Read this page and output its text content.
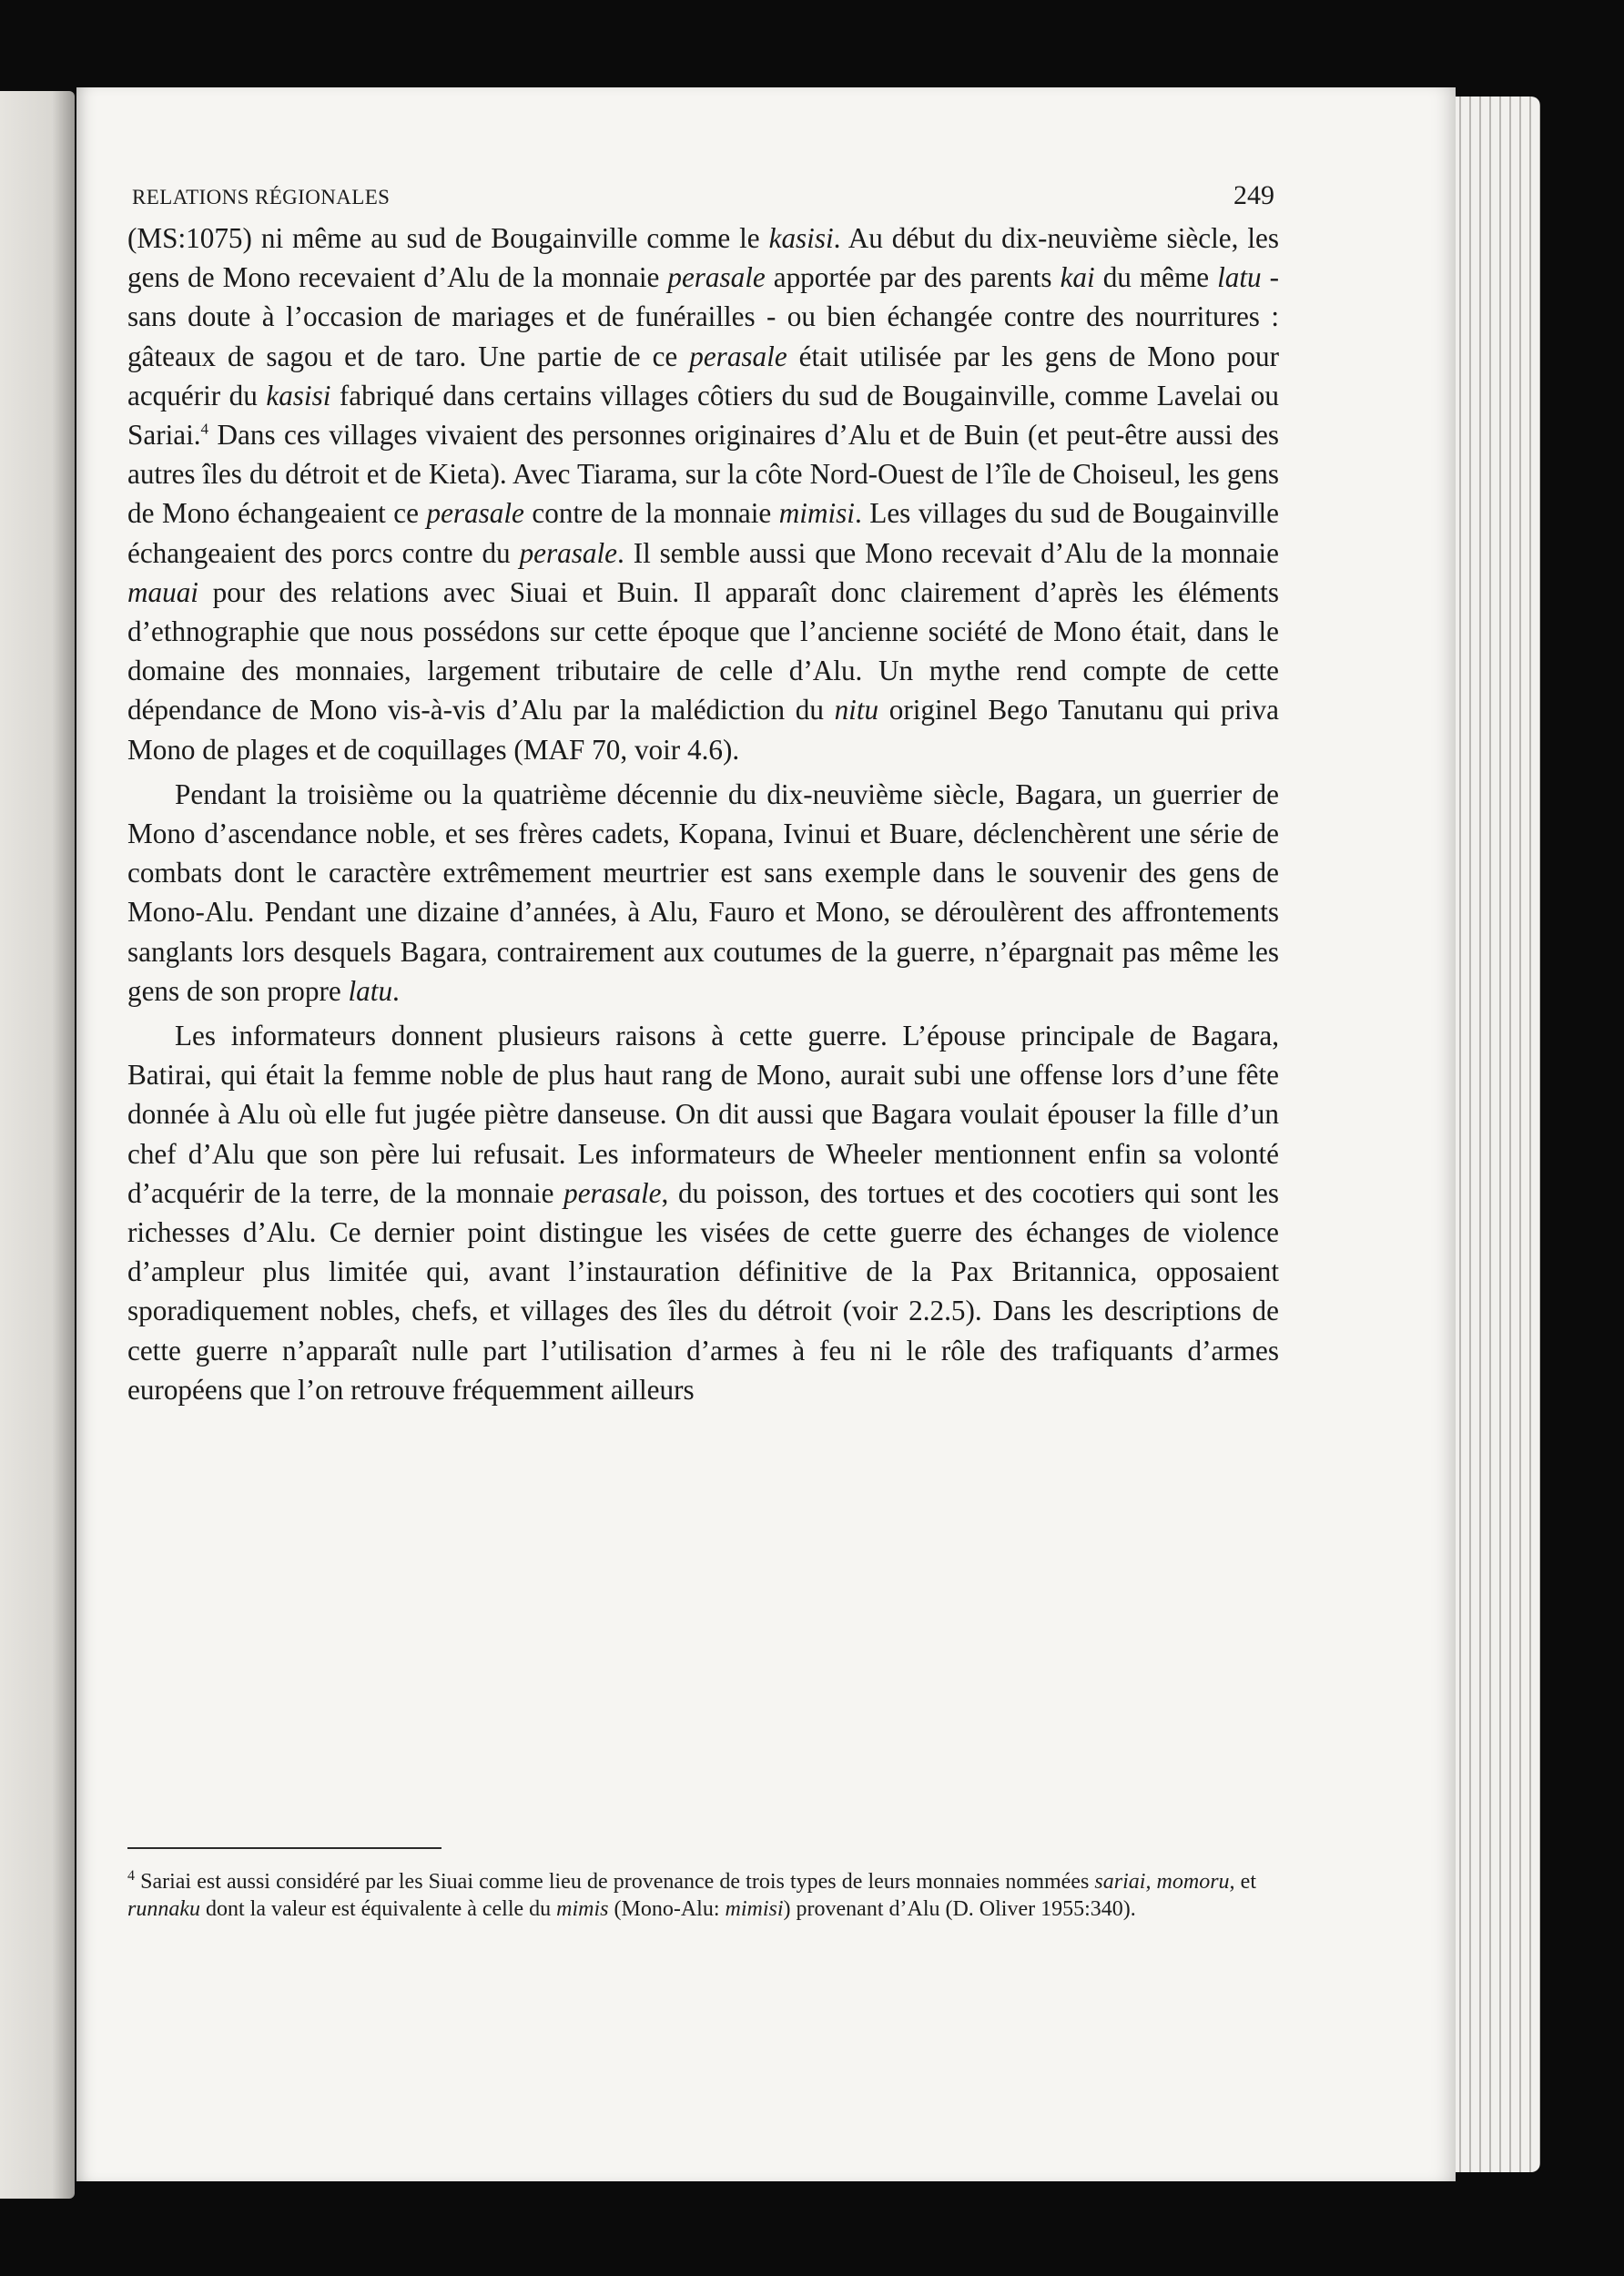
RELATIONS RÉGIONALES	249

(MS:1075) ni même au sud de Bougainville comme le kasisi. Au début du dix-neuvième siècle, les gens de Mono recevaient d’Alu de la monnaie perasale apportée par des parents kai du même latu - sans doute à l’occasion de mariages et de funérailles - ou bien échangée contre des nourritures : gâteaux de sagou et de taro. Une partie de ce perasale était utilisée par les gens de Mono pour acquérir du kasisi fabriqué dans certains villages côtiers du sud de Bougainville, comme Lavelai ou Sariai.$^4$ Dans ces villages vivaient des personnes originaires d’Alu et de Buin (et peut-être aussi des autres îles du détroit et de Kieta). Avec Tiarama, sur la côte Nord-Ouest de l’île de Choiseul, les gens de Mono échangeaient ce perasale contre de la monnaie mimisi. Les villages du sud de Bougainville échangeaient des porcs contre du perasale. Il semble aussi que Mono recevait d’Alu de la monnaie mauai pour des relations avec Siuai et Buin. Il apparaît donc clairement d’après les éléments d’ethnographie que nous possédons sur cette époque que l’ancienne société de Mono était, dans le domaine des monnaies, largement tributaire de celle d’Alu. Un mythe rend compte de cette dépendance de Mono vis-à-vis d’Alu par la malédiction du nitu originel Bego Tanutanu qui priva Mono de plages et de coquillages (MAF 70, voir 4.6).

Pendant la troisième ou la quatrième décennie du dix-neuvième siècle, Bagara, un guerrier de Mono d’ascendance noble, et ses frères cadets, Kopana, Ivinui et Buare, déclenchèrent une série de combats dont le caractère extrêmement meurtrier est sans exemple dans le souvenir des gens de Mono-Alu. Pendant une dizaine d’années, à Alu, Fauro et Mono, se déroulèrent des affrontements sanglants lors desquels Bagara, contrairement aux coutumes de la guerre, n’épargnait pas même les gens de son propre latu.

Les informateurs donnent plusieurs raisons à cette guerre. L’épouse principale de Bagara, Batirai, qui était la femme noble de plus haut rang de Mono, aurait subi une offense lors d’une fête donnée à Alu où elle fut jugée piètre danseuse. On dit aussi que Bagara voulait épouser la fille d’un chef d’Alu que son père lui refusait. Les informateurs de Wheeler mentionnent enfin sa volonté d’acquérir de la terre, de la monnaie perasale, du poisson, des tortues et des cocotiers qui sont les richesses d’Alu. Ce dernier point distingue les visées de cette guerre des échanges de violence d’ampleur plus limitée qui, avant l’instauration définitive de la Pax Britannica, opposaient sporadiquement nobles, chefs, et villages des îles du détroit (voir 2.2.5). Dans les descriptions de cette guerre n’apparaît nulle part l’utilisation d’armes à feu ni le rôle des trafiquants d’armes européens que l’on retrouve fréquemment ailleurs

$^4$ Sariai est aussi considéré par les Siuai comme lieu de provenance de trois types de leurs monnaies nommées sariai, momoru, et runnaku dont la valeur est équivalente à celle du mimis (Mono-Alu: mimisi) provenant d’Alu (D. Oliver 1955:340).
